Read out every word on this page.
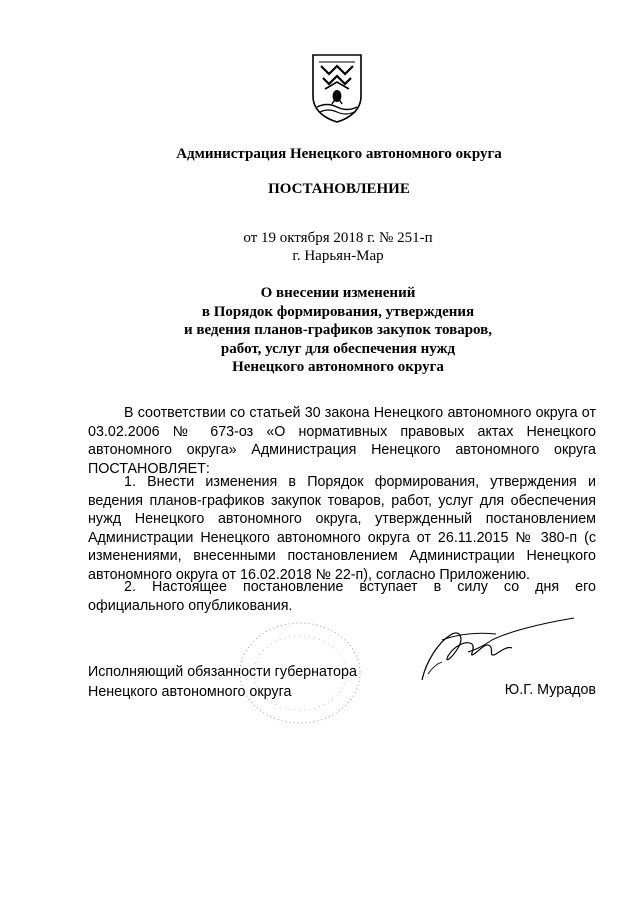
Администрация Ненецкого автономного округа
ПОСТАНОВЛЕНИЕ
от 19 октября 2018 г. № 251-п
г. Нарьян-Мар
О внесении изменений
в Порядок формирования, утверждения
и ведения планов-графиков закупок товаров,
работ, услуг для обеспечения нужд
Ненецкого автономного округа
В соответствии со статьей 30 закона Ненецкого автономного округа от 03.02.2006 № 673-оз «О нормативных правовых актах Ненецкого автономного округа» Администрация Ненецкого автономного округа ПОСТАНОВЛЯЕТ:
1. Внести изменения в Порядок формирования, утверждения и ведения планов-графиков закупок товаров, работ, услуг для обеспечения нужд Ненецкого автономного округа, утвержденный постановлением Администрации Ненецкого автономного округа от 26.11.2015 № 380-п (с изменениями, внесенными постановлением Администрации Ненецкого автономного округа от 16.02.2018 № 22-п), согласно Приложению.
2. Настоящее постановление вступает в силу со дня его официального опубликования.
Исполняющий обязанности губернатора
Ненецкого автономного округа	Ю.Г. Мурадов
